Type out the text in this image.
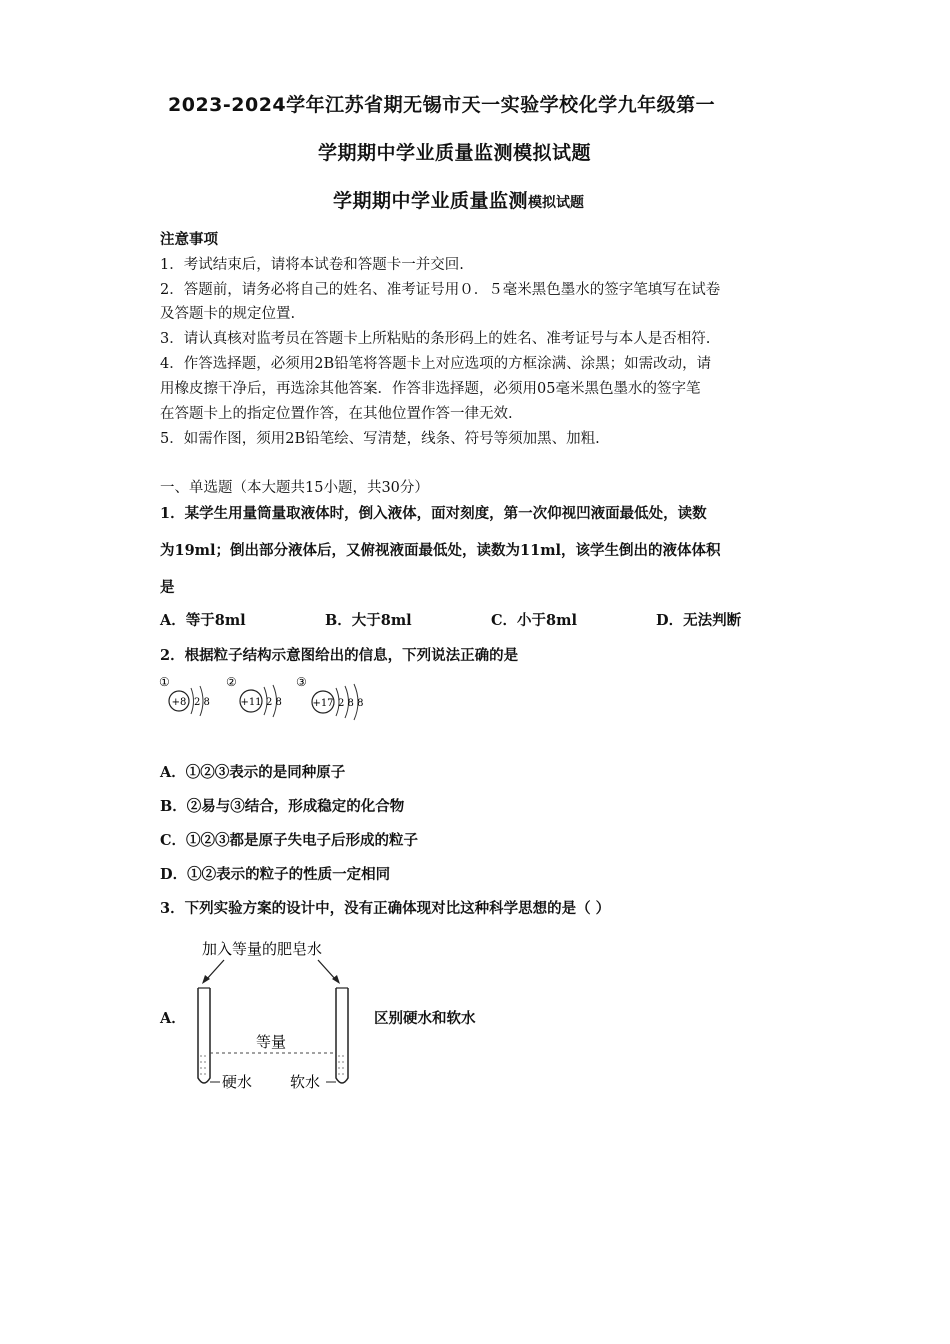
2023-2024学年江苏省期无锡市天一实验学校化学九年级第一
学期期中学业质量监测模拟试题
学期期中学业质量监测模拟试题
注意事项
1．考试结束后，请将本试卷和答题卡一并交回.
2．答题前，请务必将自己的姓名、准考证号用０．５毫米黑色墨水的签字笔填写在试卷
及答题卡的规定位置.
3．请认真核对监考员在答题卡上所粘贴的条形码上的姓名、准考证号与本人是否相符.
4．作答选择题，必须用2B铅笔将答题卡上对应选项的方框涂满、涂黑；如需改动，请
用橡皮擦干净后，再选涂其他答案．作答非选择题，必须用05毫米黑色墨水的签字笔
在答题卡上的指定位置作答，在其他位置作答一律无效.
5．如需作图，须用2B铅笔绘、写清楚，线条、符号等须加黑、加粗.
一、单选题（本大题共15小题，共30分）
1．某学生用量筒量取液体时，倒入液体，面对刻度，第一次仰视凹液面最低处，读数
为19ml；倒出部分液体后，又俯视液面最低处，读数为11ml，该学生倒出的液体体积
是
A．等于8ml	B．大于8ml	C．小于8ml	D．无法判断
2．根据粒子结构示意图给出的信息，下列说法正确的是
①
+8 2 8
②
+11 2 8
③
+17 2 8 8
A．①②③表示的是同种原子
B．②易与③结合，形成稳定的化合物
C．①②③都是原子失电子后形成的粒子
D．①②表示的粒子的性质一定相同
3．下列实验方案的设计中，没有正确体现对比这种科学思想的是（ ）
A．
加入等量的肥皂水
等量
硬水	软水
区别硬水和软水
